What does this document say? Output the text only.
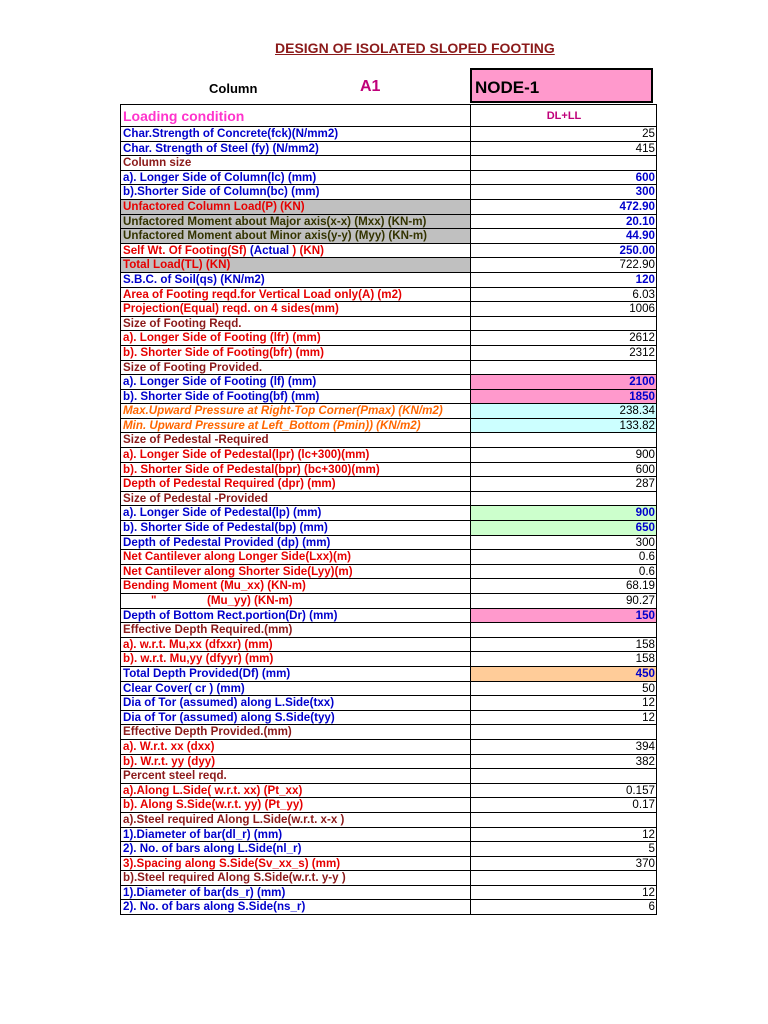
DESIGN OF ISOLATED SLOPED FOOTING
Column	A1	NODE-1
Loading condition	DL+LL
Char.Strength of Concrete(fck)(N/mm2)	25
Char. Strength of Steel (fy) (N/mm2)	415
Column size	
a). Longer Side of Column(lc) (mm)	600
b).Shorter Side of Column(bc) (mm)	300
Unfactored Column Load(P) (KN)	472.90
Unfactored Moment about Major axis(x-x) (Mxx) (KN-m)	20.10
Unfactored Moment about Minor axis(y-y) (Myy) (KN-m)	44.90
Self Wt. Of Footing(Sf) (Actual ) (KN)	250.00
Total Load(TL) (KN)	722.90
S.B.C. of Soil(qs) (KN/m2)	120
Area of Footing reqd.for Vertical Load only(A) (m2)	6.03
Projection(Equal) reqd. on 4 sides(mm)	1006
Size of Footing Reqd.	
a). Longer Side of Footing (lfr) (mm)	2612
b). Shorter Side of Footing(bfr) (mm)	2312
Size of Footing Provided.	
a). Longer Side of Footing (lf) (mm)	2100
b). Shorter Side of Footing(bf) (mm)	1850
Max.Upward Pressure at Right-Top Corner(Pmax) (KN/m2)	238.34
Min. Upward Pressure at Left_Bottom (Pmin)) (KN/m2)	133.82
Size of Pedestal -Required	
a). Longer Side of Pedestal(lpr) (lc+300)(mm)	900
b). Shorter Side of Pedestal(bpr) (bc+300)(mm)	600
Depth of Pedestal Required (dpr) (mm)	287
Size of Pedestal -Provided	
a). Longer Side of Pedestal(lp) (mm)	900
b). Shorter Side of Pedestal(bp) (mm)	650
Depth of Pedestal Provided (dp) (mm)	300
Net Cantilever along Longer Side(Lxx)(m)	0.6
Net Cantilever along Shorter Side(Lyy)(m)	0.6
Bending Moment (Mu_xx) (KN-m)	68.19
" (Mu_yy) (KN-m)	90.27
Depth of Bottom Rect.portion(Dr) (mm)	150
Effective Depth Required.(mm)	
a). w.r.t. Mu,xx (dfxxr) (mm)	158
b). w.r.t. Mu,yy (dfyyr) (mm)	158
Total Depth Provided(Df) (mm)	450
Clear Cover( cr ) (mm)	50
Dia of Tor (assumed) along L.Side(txx)	12
Dia of Tor (assumed) along S.Side(tyy)	12
Effective Depth Provided.(mm)	
a). W.r.t. xx (dxx)	394
b). W.r.t. yy (dyy)	382
Percent steel reqd.	
a).Along L.Side( w.r.t. xx) (Pt_xx)	0.157
b). Along S.Side(w.r.t. yy) (Pt_yy)	0.17
a).Steel required Along L.Side(w.r.t. x-x )	
1).Diameter of bar(dl_r) (mm)	12
2). No. of bars along L.Side(nl_r)	5
3).Spacing along S.Side(Sv_xx_s) (mm)	370
b).Steel required Along S.Side(w.r.t. y-y )	
1).Diameter of bar(ds_r) (mm)	12
2). No. of bars along S.Side(ns_r)	6
